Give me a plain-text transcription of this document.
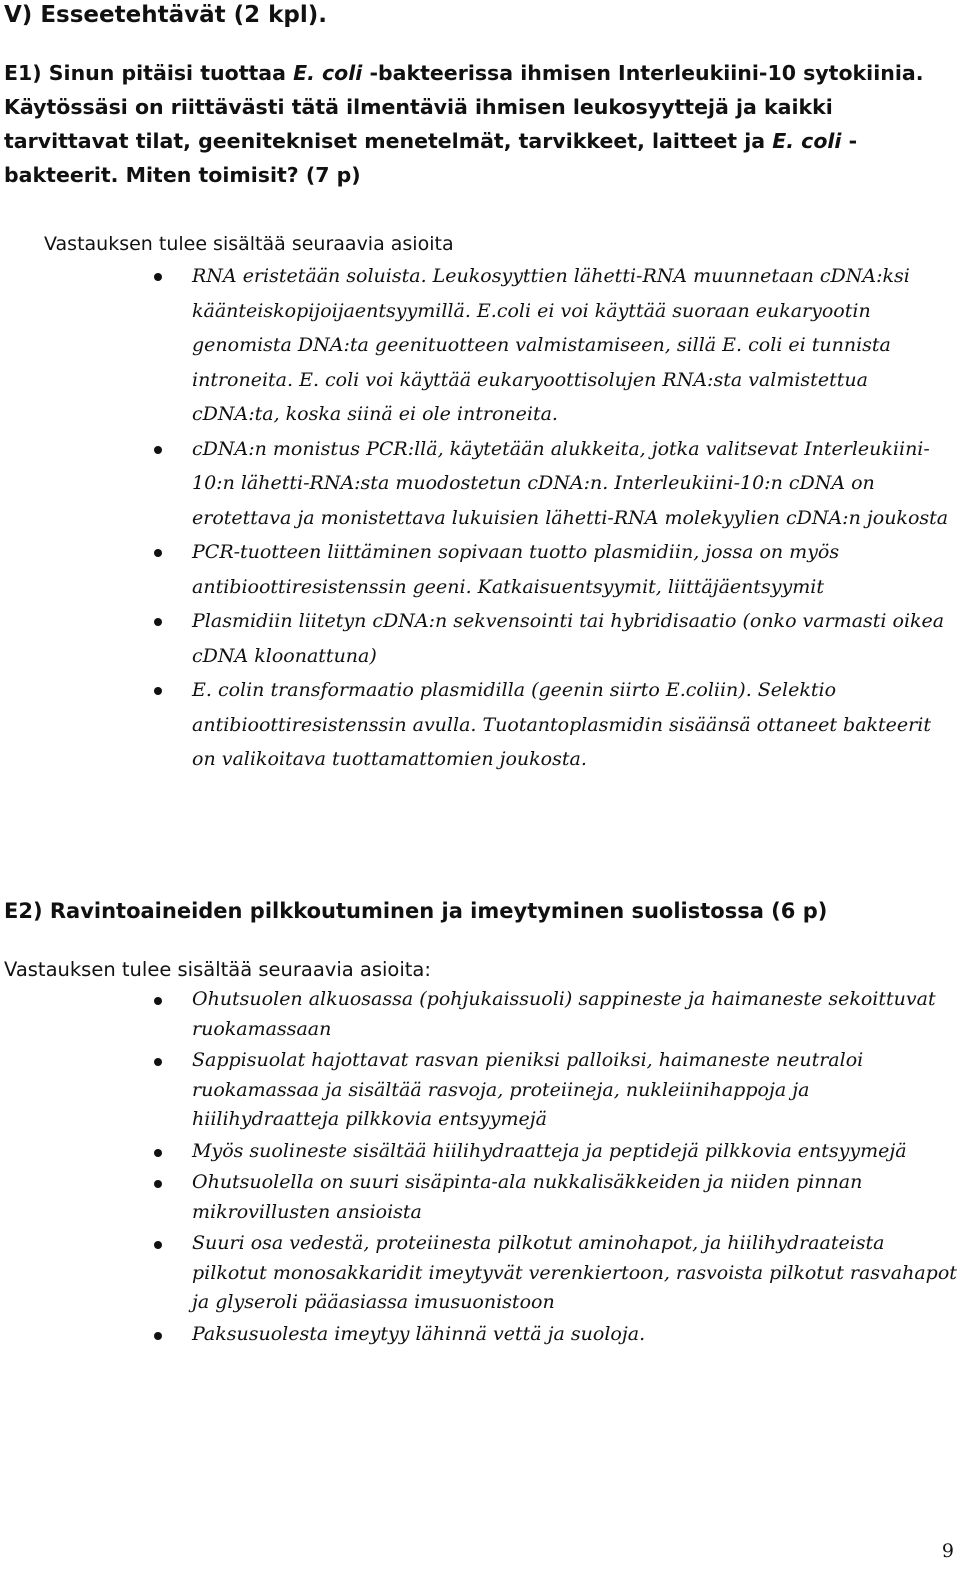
V) Esseetehtävät (2 kpl).

E1) Sinun pitäisi tuottaa E. coli -bakteerissa ihmisen Interleukiini-10 sytokiinia. Käytössäsi on riittävästi tätä ilmentäviä ihmisen leukosyyttejä ja kaikki tarvittavat tilat, geenitekniset menetelmät, tarvikkeet, laitteet ja E. coli -bakteerit. Miten toimisit? (7 p)

Vastauksen tulee sisältää seuraavia asioita

RNA eristetään soluista. Leukosyyttien lähetti-RNA muunnetaan cDNA:ksi käänteiskopijoijaentsyymillä. E.coli ei voi käyttää suoraan eukaryootin genomista DNA:ta geenituotteen valmistamiseen, sillä E. coli ei tunnista introneita. E. coli voi käyttää eukaryoottisolujen RNA:sta valmistettua cDNA:ta, koska siinä ei ole introneita.
cDNA:n monistus PCR:llä, käytetään alukkeita, jotka valitsevat Interleukiini-10:n lähetti-RNA:sta muodostetun cDNA:n. Interleukiini-10:n cDNA on erotettava ja monistettava lukuisien lähetti-RNA molekyylien cDNA:n joukosta
PCR-tuotteen liittäminen sopivaan tuotto plasmidiin, jossa on myös antibioottiresistenssin geeni. Katkaisuentsyymit, liittäjäentsyymit
Plasmidiin liitetyn cDNA:n sekvensointi tai hybridisaatio (onko varmasti oikea cDNA kloonattuna)
E. colin transformaatio plasmidilla (geenin siirto E.coliin). Selektio antibioottiresistenssin avulla. Tuotantoplasmidin sisäänsä ottaneet bakteerit on valikoitava tuottamattomien joukosta.
E2) Ravintoaineiden pilkkoutuminen ja imeytyminen suolistossa (6 p)

Vastauksen tulee sisältää seuraavia asioita:

Ohutsuolen alkuosassa (pohjukaissuoli) sappineste ja haimaneste sekoittuvat ruokamassaan
Sappisuolat hajottavat rasvan pieniksi palloiksi, haimaneste neutraloi ruokamassaa ja sisältää rasvoja, proteiineja, nukleiinihappoja ja hiilihydraatteja pilkkovia entsyymejä
Myös suolineste sisältää hiilihydraatteja ja peptidejä pilkkovia entsyymejä
Ohutsuolella on suuri sisäpinta-ala nukkalisäkkeiden ja niiden pinnan mikrovillusten ansioista
Suuri osa vedestä, proteiinesta pilkotut aminohapot, ja hiilihydraateista pilkotut monosakkaridit imeytyvät verenkiertoon, rasvoista pilkotut rasvahapot ja glyseroli pääasiassa imusuonistoon
Paksusuolesta imeytyy lähinnä vettä ja suoloja.

9
